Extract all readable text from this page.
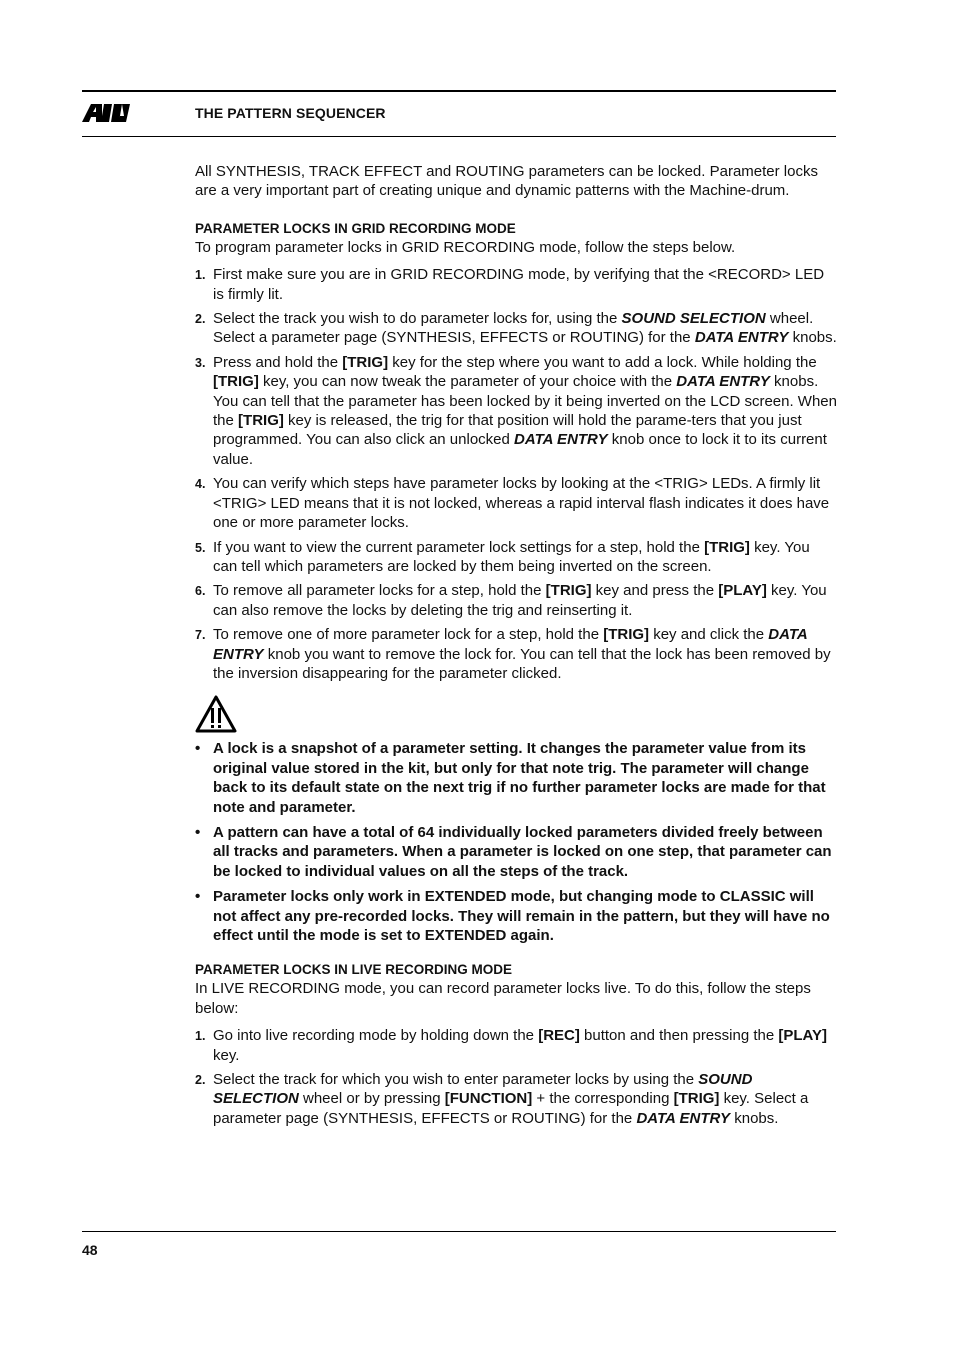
THE PATTERN SEQUENCER

All SYNTHESIS, TRACK EFFECT and ROUTING parameters can be locked. Parameter locks are a very important part of creating unique and dynamic patterns with the Machine-drum.

PARAMETER LOCKS IN GRID RECORDING MODE

To program parameter locks in GRID RECORDING mode, follow the steps below.

1. First make sure you are in GRID RECORDING mode, by verifying that the <RECORD> LED is firmly lit.
2. Select the track you wish to do parameter locks for, using the SOUND SELECTION wheel. Select a parameter page (SYNTHESIS, EFFECTS or ROUTING) for the DATA ENTRY knobs.
3. Press and hold the [TRIG] key for the step where you want to add a lock. While holding the [TRIG] key, you can now tweak the parameter of your choice with the DATA ENTRY knobs. You can tell that the parameter has been locked by it being inverted on the LCD screen. When the [TRIG] key is released, the trig for that position will hold the parame-ters that you just programmed. You can also click an unlocked DATA ENTRY knob once to lock it to its current value.
4. You can verify which steps have parameter locks by looking at the <TRIG> LEDs. A firmly lit <TRIG> LED means that it is not locked, whereas a rapid interval flash indicates it does have one or more parameter locks.
5. If you want to view the current parameter lock settings for a step, hold the [TRIG] key. You can tell which parameters are locked by them being inverted on the screen.
6. To remove all parameter locks for a step, hold the [TRIG] key and press the [PLAY] key. You can also remove the locks by deleting the trig and reinserting it.
7. To remove one of more parameter lock for a step, hold the [TRIG] key and click the DATA ENTRY knob you want to remove the lock for. You can tell that the lock has been removed by the inversion disappearing for the parameter clicked.
• A lock is a snapshot of a parameter setting. It changes the parameter value from its original value stored in the kit, but only for that note trig. The parameter will change back to its default state on the next trig if no further parameter locks are made for that note and parameter.
• A pattern can have a total of 64 individually locked parameters divided freely between all tracks and parameters. When a parameter is locked on one step, that parameter can be locked to individual values on all the steps of the track.
• Parameter locks only work in EXTENDED mode, but changing mode to CLASSIC will not affect any pre-recorded locks. They will remain in the pattern, but they will have no effect until the mode is set to EXTENDED again.

PARAMETER LOCKS IN LIVE RECORDING MODE

In LIVE RECORDING mode, you can record parameter locks live. To do this, follow the steps below:

1. Go into live recording mode by holding down the [REC] button and then pressing the [PLAY] key.
2. Select the track for which you wish to enter parameter locks by using the SOUND SELECTION wheel or by pressing [FUNCTION] + the corresponding [TRIG] key. Select a parameter page (SYNTHESIS, EFFECTS or ROUTING) for the DATA ENTRY knobs.
48
